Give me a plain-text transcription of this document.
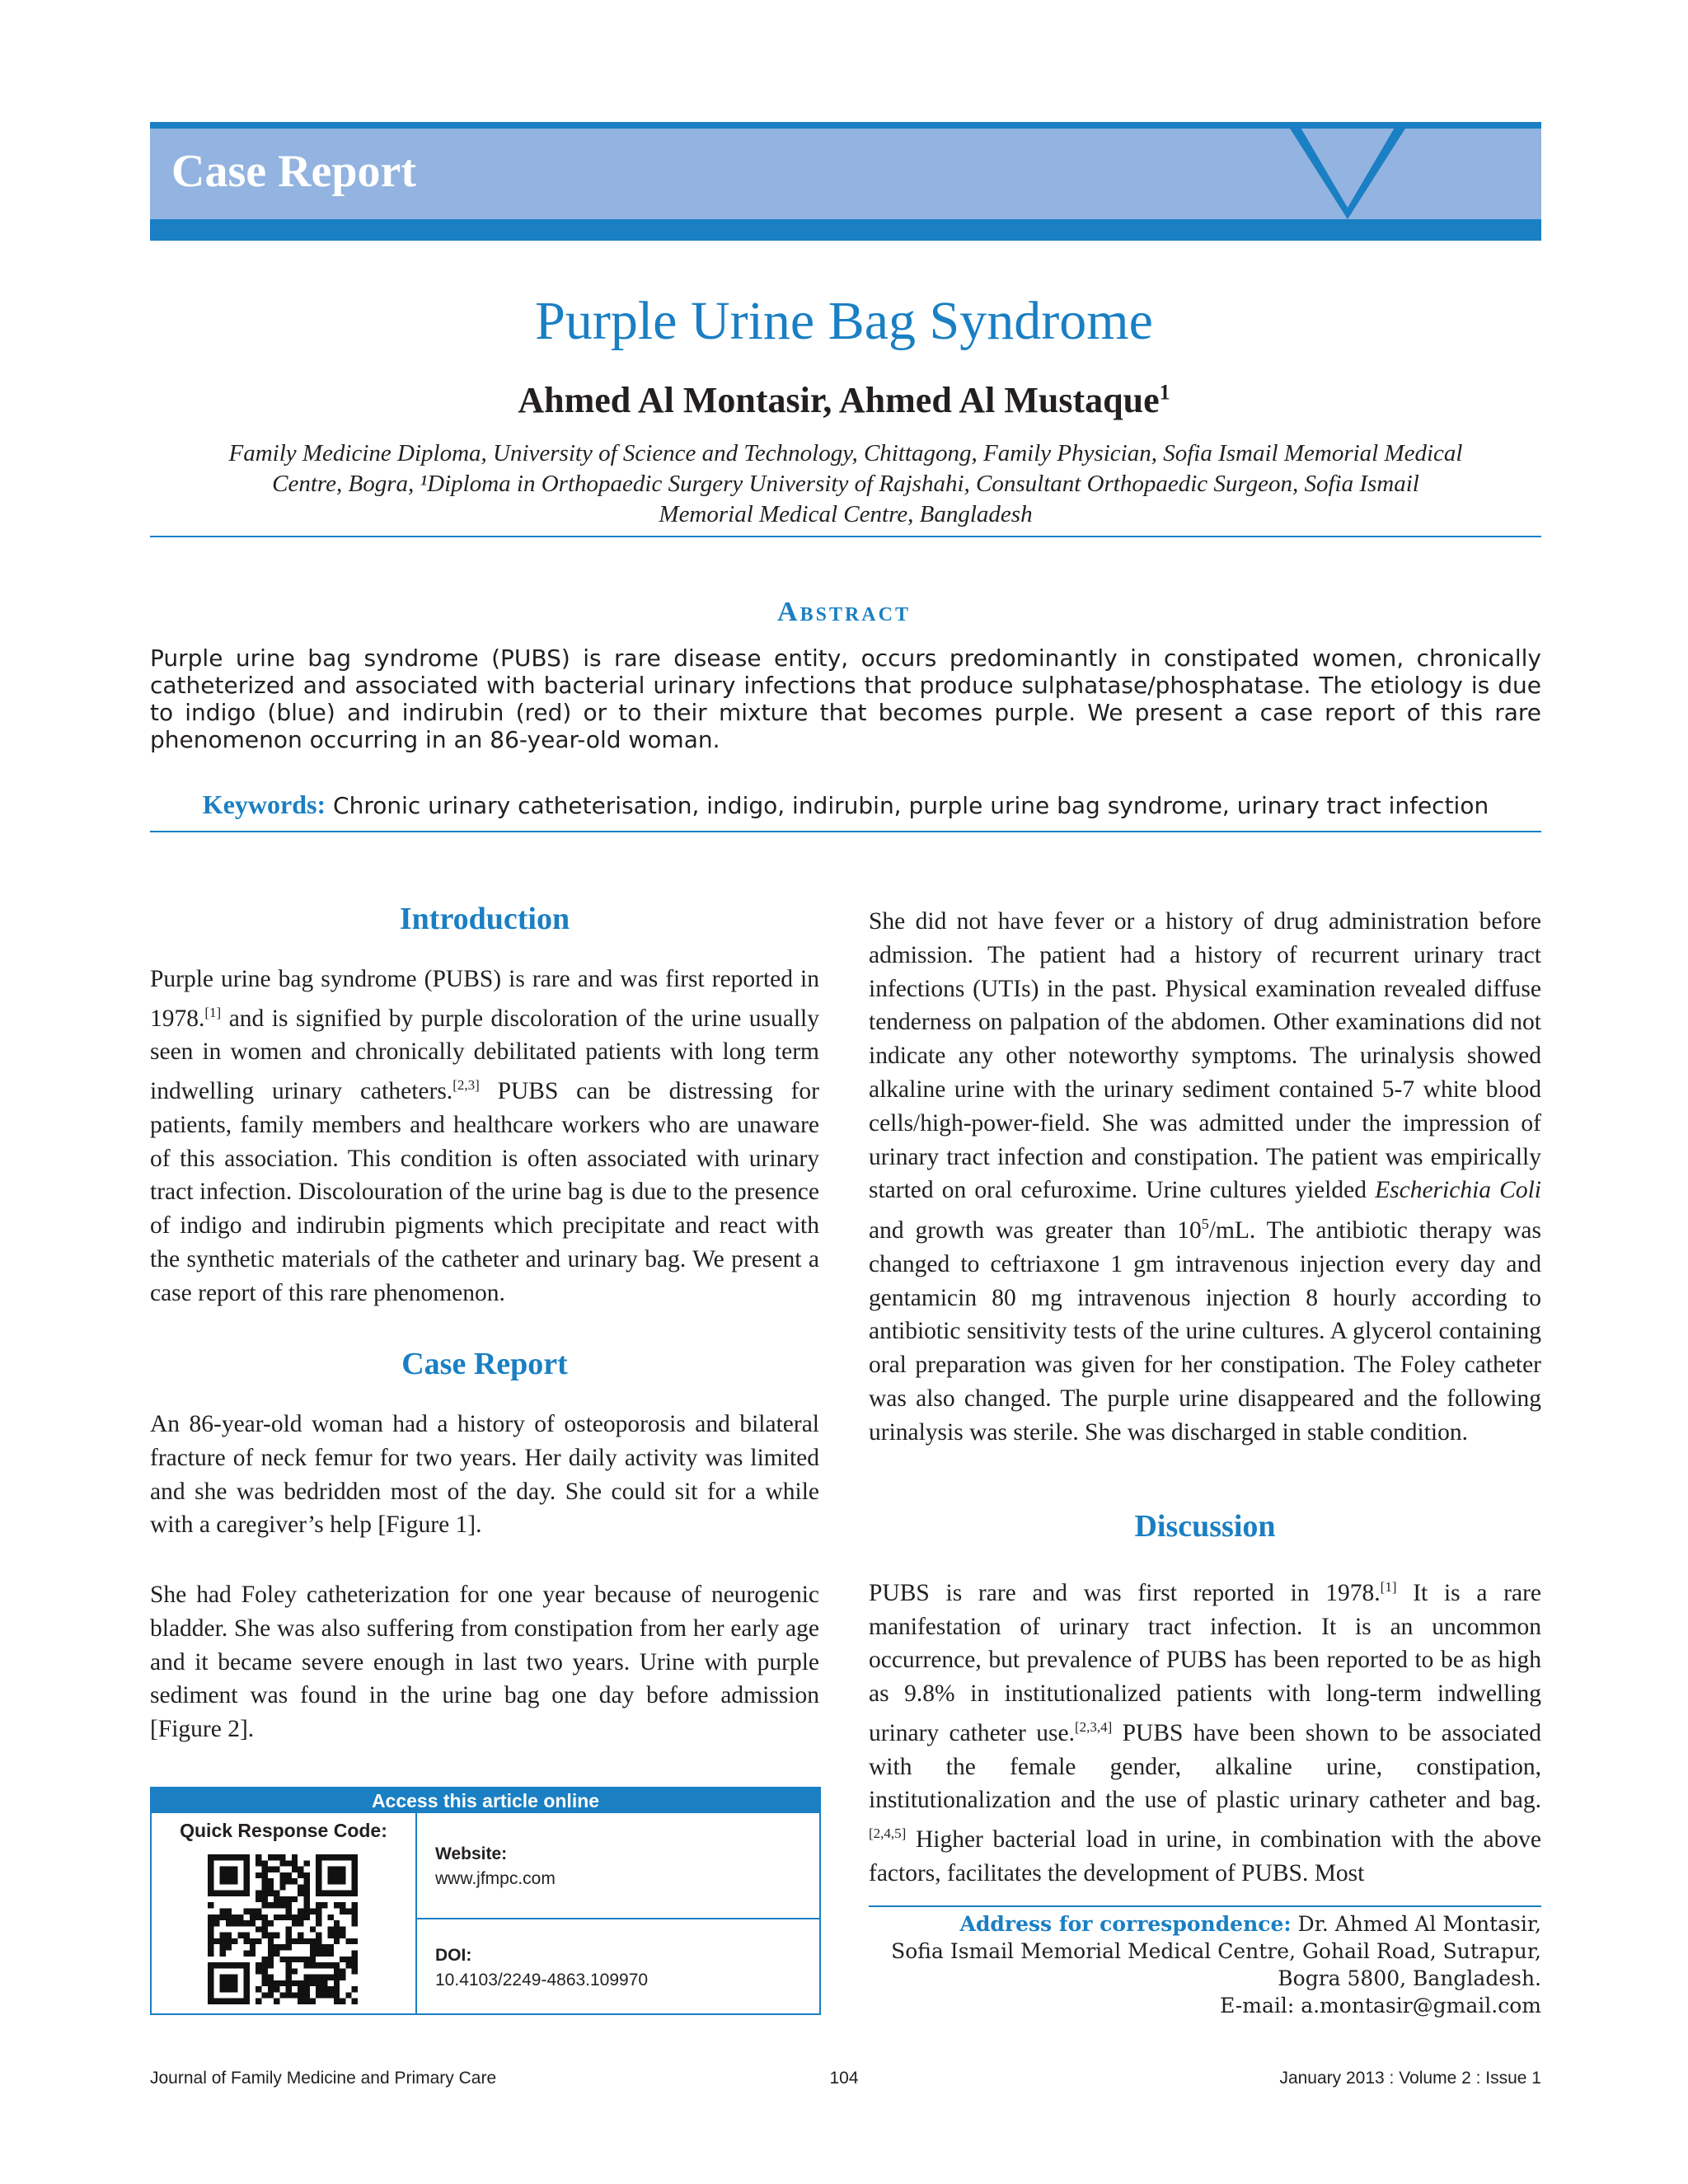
Case Report
Purple Urine Bag Syndrome
Ahmed Al Montasir, Ahmed Al Mustaque$^1$
Family Medicine Diploma, University of Science and Technology, Chittagong, Family Physician, Sofia Ismail Memorial Medical
Centre, Bogra, ¹Diploma in Orthopaedic Surgery University of Rajshahi, Consultant Orthopaedic Surgeon, Sofia Ismail
Memorial Medical Centre, Bangladesh
Abstract
Purple urine bag syndrome (PUBS) is rare disease entity, occurs predominantly in constipated women, chronically catheterized and associated with bacterial urinary infections that produce sulphatase/phosphatase. The etiology is due to indigo (blue) and indirubin (red) or to their mixture that becomes purple. We present a case report of this rare phenomenon occurring in an 86-year-old woman.
Keywords: Chronic urinary catheterisation, indigo, indirubin, purple urine bag syndrome, urinary tract infection
Introduction

Purple urine bag syndrome (PUBS) is rare and was first reported in 1978.[1] and is signified by purple discoloration of the urine usually seen in women and chronically debilitated patients with long term indwelling urinary catheters.[2,3] PUBS can be distressing for patients, family members and healthcare workers who are unaware of this association. This condition is often associated with urinary tract infection. Discolouration of the urine bag is due to the presence of indigo and indirubin pigments which precipitate and react with the synthetic materials of the catheter and urinary bag. We present a case report of this rare phenomenon.

Case Report

An 86-year-old woman had a history of osteoporosis and bilateral fracture of neck femur for two years. Her daily activity was limited and she was bedridden most of the day. She could sit for a while with a caregiver’s help [Figure 1].

She had Foley catheterization for one year because of neurogenic bladder. She was also suffering from constipation from her early age and it became severe enough in last two years. Urine with purple sediment was found in the urine bag one day before admission [Figure 2].

Access this article online
Quick Response Code:
Website:
www.jfmpc.com
DOI:
10.4103/2249-4863.109970

She did not have fever or a history of drug administration before admission. The patient had a history of recurrent urinary tract infections (UTIs) in the past. Physical examination revealed diffuse tenderness on palpation of the abdomen. Other examinations did not indicate any other noteworthy symptoms. The urinalysis showed alkaline urine with the urinary sediment contained 5-7 white blood cells/high-power-field. She was admitted under the impression of urinary tract infection and constipation. The patient was empirically started on oral cefuroxime. Urine cultures yielded Escherichia Coli and growth was greater than $10^5/mL$. The antibiotic therapy was changed to ceftriaxone 1 gm intravenous injection every day and gentamicin 80 mg intravenous injection 8 hourly according to antibiotic sensitivity tests of the urine cultures. A glycerol containing oral preparation was given for her constipation. The Foley catheter was also changed. The purple urine disappeared and the following urinalysis was sterile. She was discharged in stable condition.

Discussion

PUBS is rare and was first reported in 1978.[1] It is a rare manifestation of urinary tract infection. It is an uncommon occurrence, but prevalence of PUBS has been reported to be as high as 9.8% in institutionalized patients with long-term indwelling urinary catheter use.[2,3,4] PUBS have been shown to be associated with the female gender, alkaline urine, constipation, institutionalization and the use of plastic urinary catheter and bag.[2,4,5] Higher bacterial load in urine, in combination with the above factors, facilitates the development of PUBS. Most

Address for correspondence: Dr. Ahmed Al Montasir,
Sofia Ismail Memorial Medical Centre, Gohail Road, Sutrapur,
Bogra 5800, Bangladesh.
E-mail: a.montasir@gmail.com
Journal of Family Medicine and Primary Care	104	January 2013 : Volume 2 : Issue 1
